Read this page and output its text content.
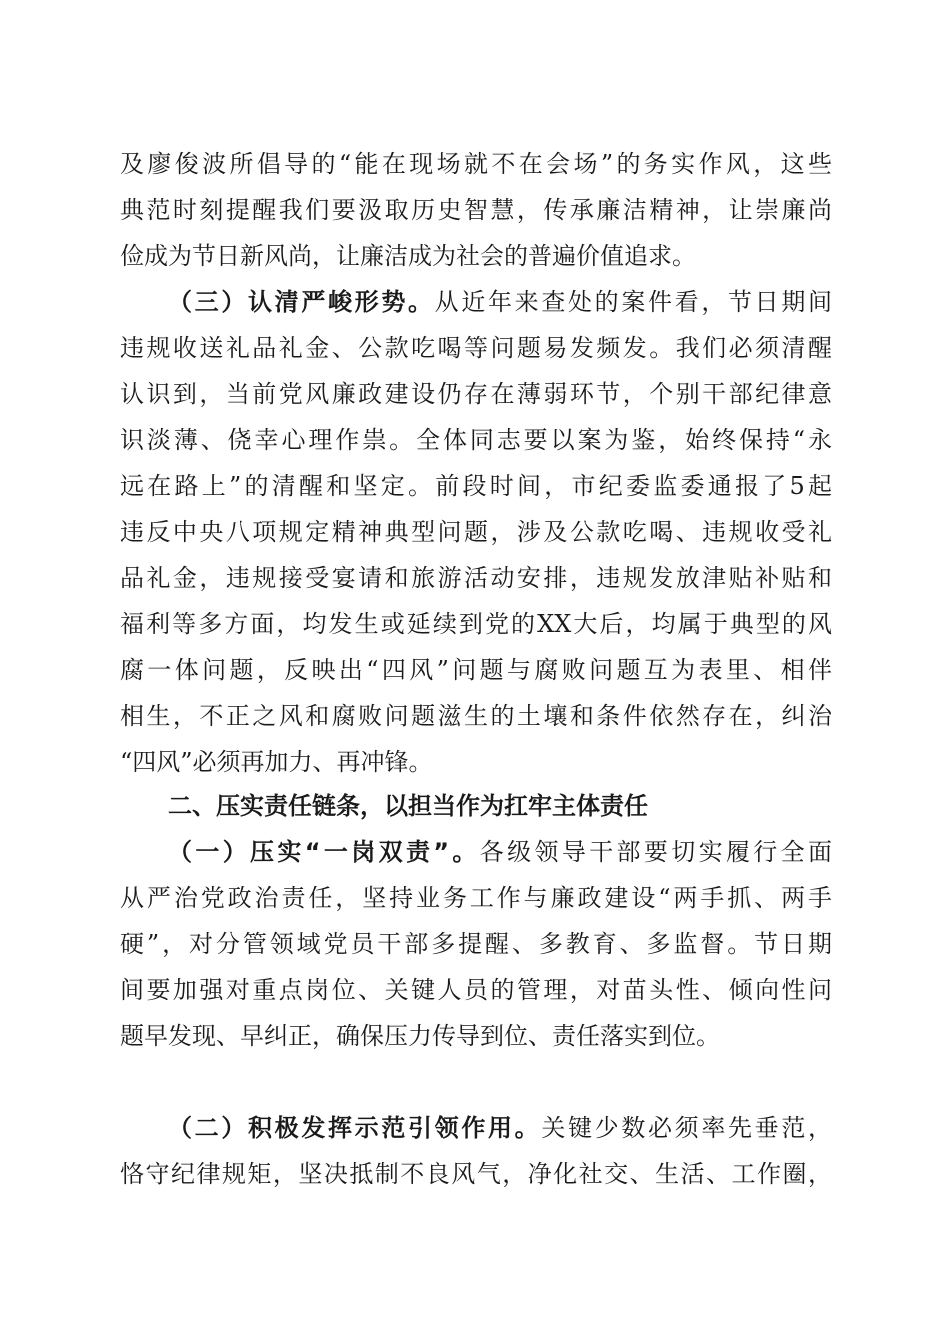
及廖俊波所倡导的“能在现场就不在会场”的务实作风，这些
典范时刻提醒我们要汲取历史智慧，传承廉洁精神，让崇廉尚
俭成为节日新风尚，让廉洁成为社会的普遍价值追求。
（三）认清严峻形势。从近年来查处的案件看，节日期间
违规收送礼品礼金、公款吃喝等问题易发频发。我们必须清醒
认识到，当前党风廉政建设仍存在薄弱环节，个别干部纪律意
识淡薄、侥幸心理作祟。全体同志要以案为鉴，始终保持“永
远在路上”的清醒和坚定。前段时间，市纪委监委通报了5起
违反中央八项规定精神典型问题，涉及公款吃喝、违规收受礼
品礼金，违规接受宴请和旅游活动安排，违规发放津贴补贴和
福利等多方面，均发生或延续到党的XX大后，均属于典型的风
腐一体问题，反映出“四风”问题与腐败问题互为表里、相伴
相生，不正之风和腐败问题滋生的土壤和条件依然存在，纠治
“四风”必须再加力、再冲锋。
二、压实责任链条，以担当作为扛牢主体责任
（一）压实“一岗双责”。各级领导干部要切实履行全面
从严治党政治责任，坚持业务工作与廉政建设“两手抓、两手
硬”，对分管领域党员干部多提醒、多教育、多监督。节日期
间要加强对重点岗位、关键人员的管理，对苗头性、倾向性问
题早发现、早纠正，确保压力传导到位、责任落实到位。
（二）积极发挥示范引领作用。关键少数必须率先垂范，
恪守纪律规矩，坚决抵制不良风气，净化社交、生活、工作圈，
